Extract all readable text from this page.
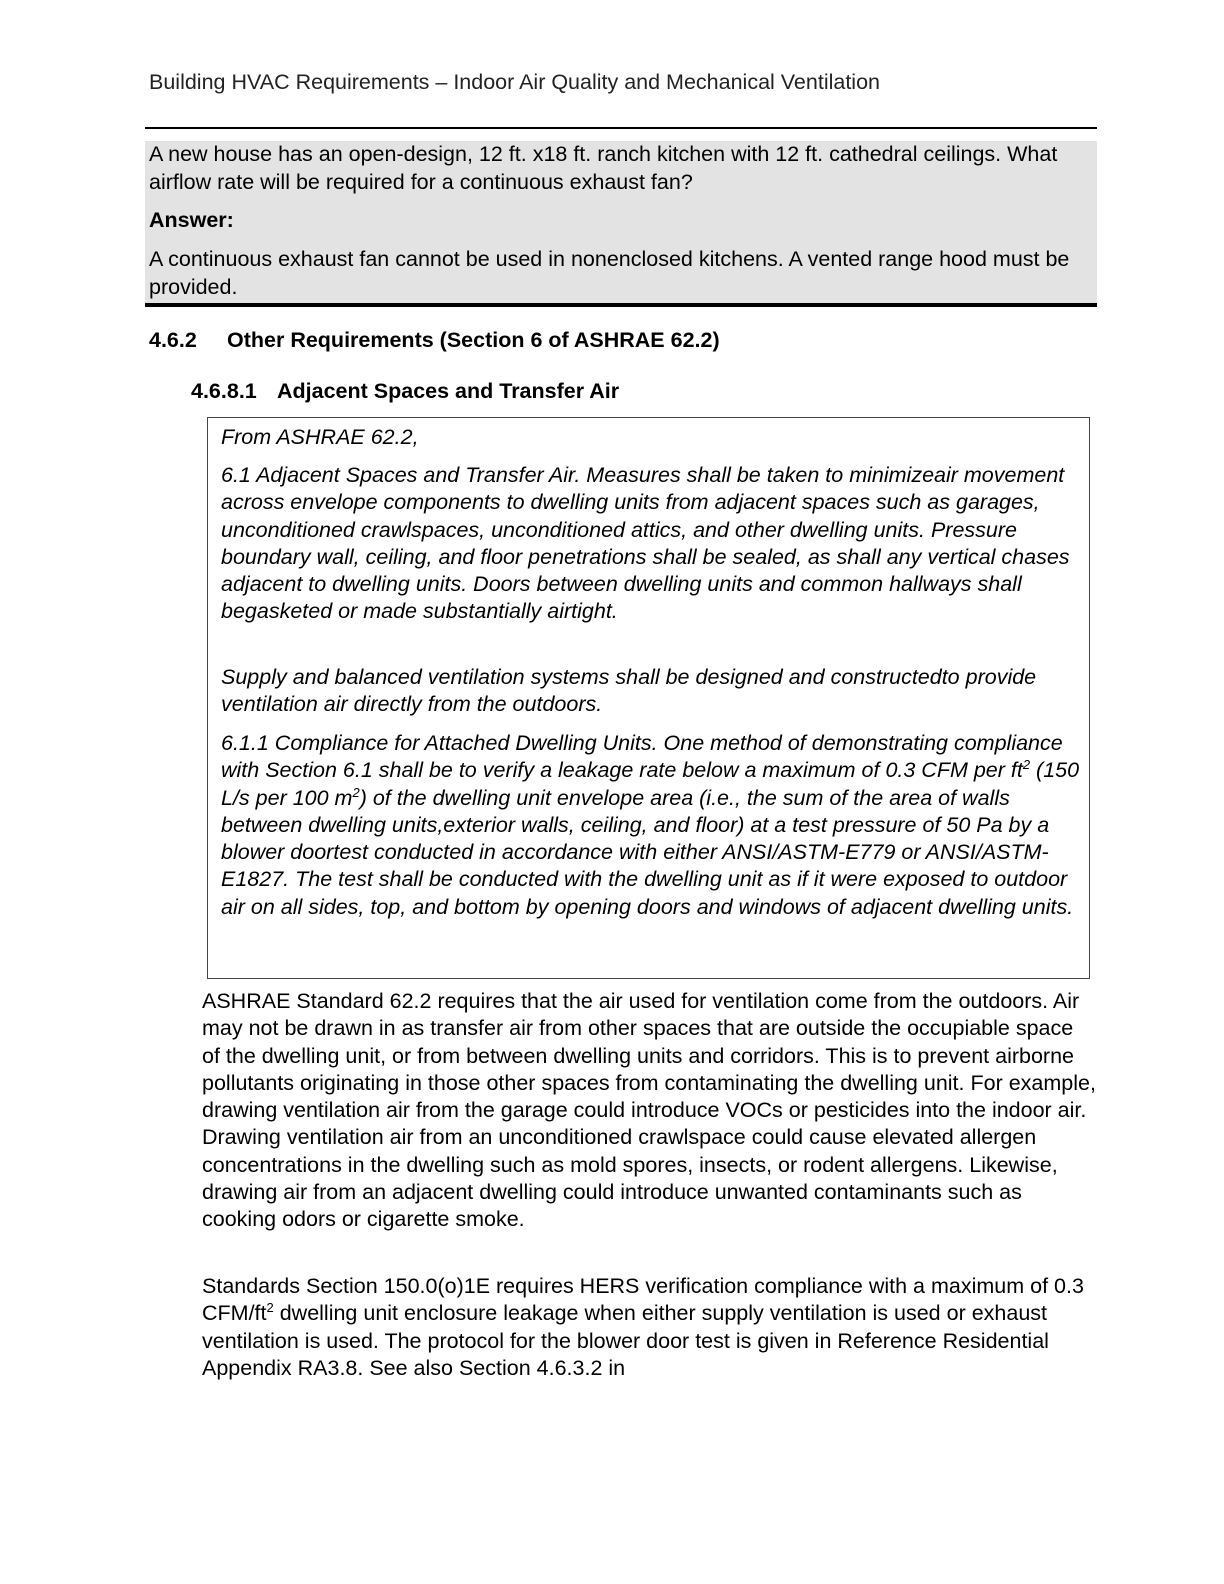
Building HVAC Requirements – Indoor Air Quality and Mechanical Ventilation

A new house has an open-design, 12 ft. x18 ft. ranch kitchen with 12 ft. cathedral ceilings. What airflow rate will be required for a continuous exhaust fan?

Answer:

A continuous exhaust fan cannot be used in nonenclosed kitchens. A vented range hood must be provided.

4.6.2 Other Requirements (Section 6 of ASHRAE 62.2)
4.6.8.1 Adjacent Spaces and Transfer Air

From ASHRAE 62.2,

6.1 Adjacent Spaces and Transfer Air. Measures shall be taken to minimizeair movement across envelope components to dwelling units from adjacent spaces such as garages, unconditioned crawlspaces, unconditioned attics, and other dwelling units. Pressure boundary wall, ceiling, and floor penetrations shall be sealed, as shall any vertical chases adjacent to dwelling units. Doors between dwelling units and common hallways shall begasketed or made substantially airtight.

Supply and balanced ventilation systems shall be designed and constructedto provide ventilation air directly from the outdoors.

6.1.1 Compliance for Attached Dwelling Units. One method of demonstrating compliance with Section 6.1 shall be to verify a leakage rate below a maximum of 0.3 CFM per $ft^2$ (150 L/s per 100 $m^2$) of the dwelling unit envelope area (i.e., the sum of the area of walls between dwelling units,exterior walls, ceiling, and floor) at a test pressure of 50 Pa by a blower doortest conducted in accordance with either ANSI/ASTM-E779 or ANSI/ASTM- E1827. The test shall be conducted with the dwelling unit as if it were exposed to outdoor air on all sides, top, and bottom by opening doors and windows of adjacent dwelling units.

ASHRAE Standard 62.2 requires that the air used for ventilation come from the outdoors. Air may not be drawn in as transfer air from other spaces that are outside the occupiable space of the dwelling unit, or from between dwelling units and corridors. This is to prevent airborne pollutants originating in those other spaces from contaminating the dwelling unit. For example, drawing ventilation air from the garage could introduce VOCs or pesticides into the indoor air. Drawing ventilation air from an unconditioned crawlspace could cause elevated allergen concentrations in the dwelling such as mold spores, insects, or rodent allergens. Likewise, drawing air from an adjacent dwelling could introduce unwanted contaminants such as cooking odors or cigarette smoke.

Standards Section 150.0(o)1E requires HERS verification compliance with a maximum of 0.3 CFM/$ft^2$ dwelling unit enclosure leakage when either supply ventilation is used or exhaust ventilation is used. The protocol for the blower door test is given in Reference Residential Appendix RA3.8. See also Section 4.6.3.2 in
